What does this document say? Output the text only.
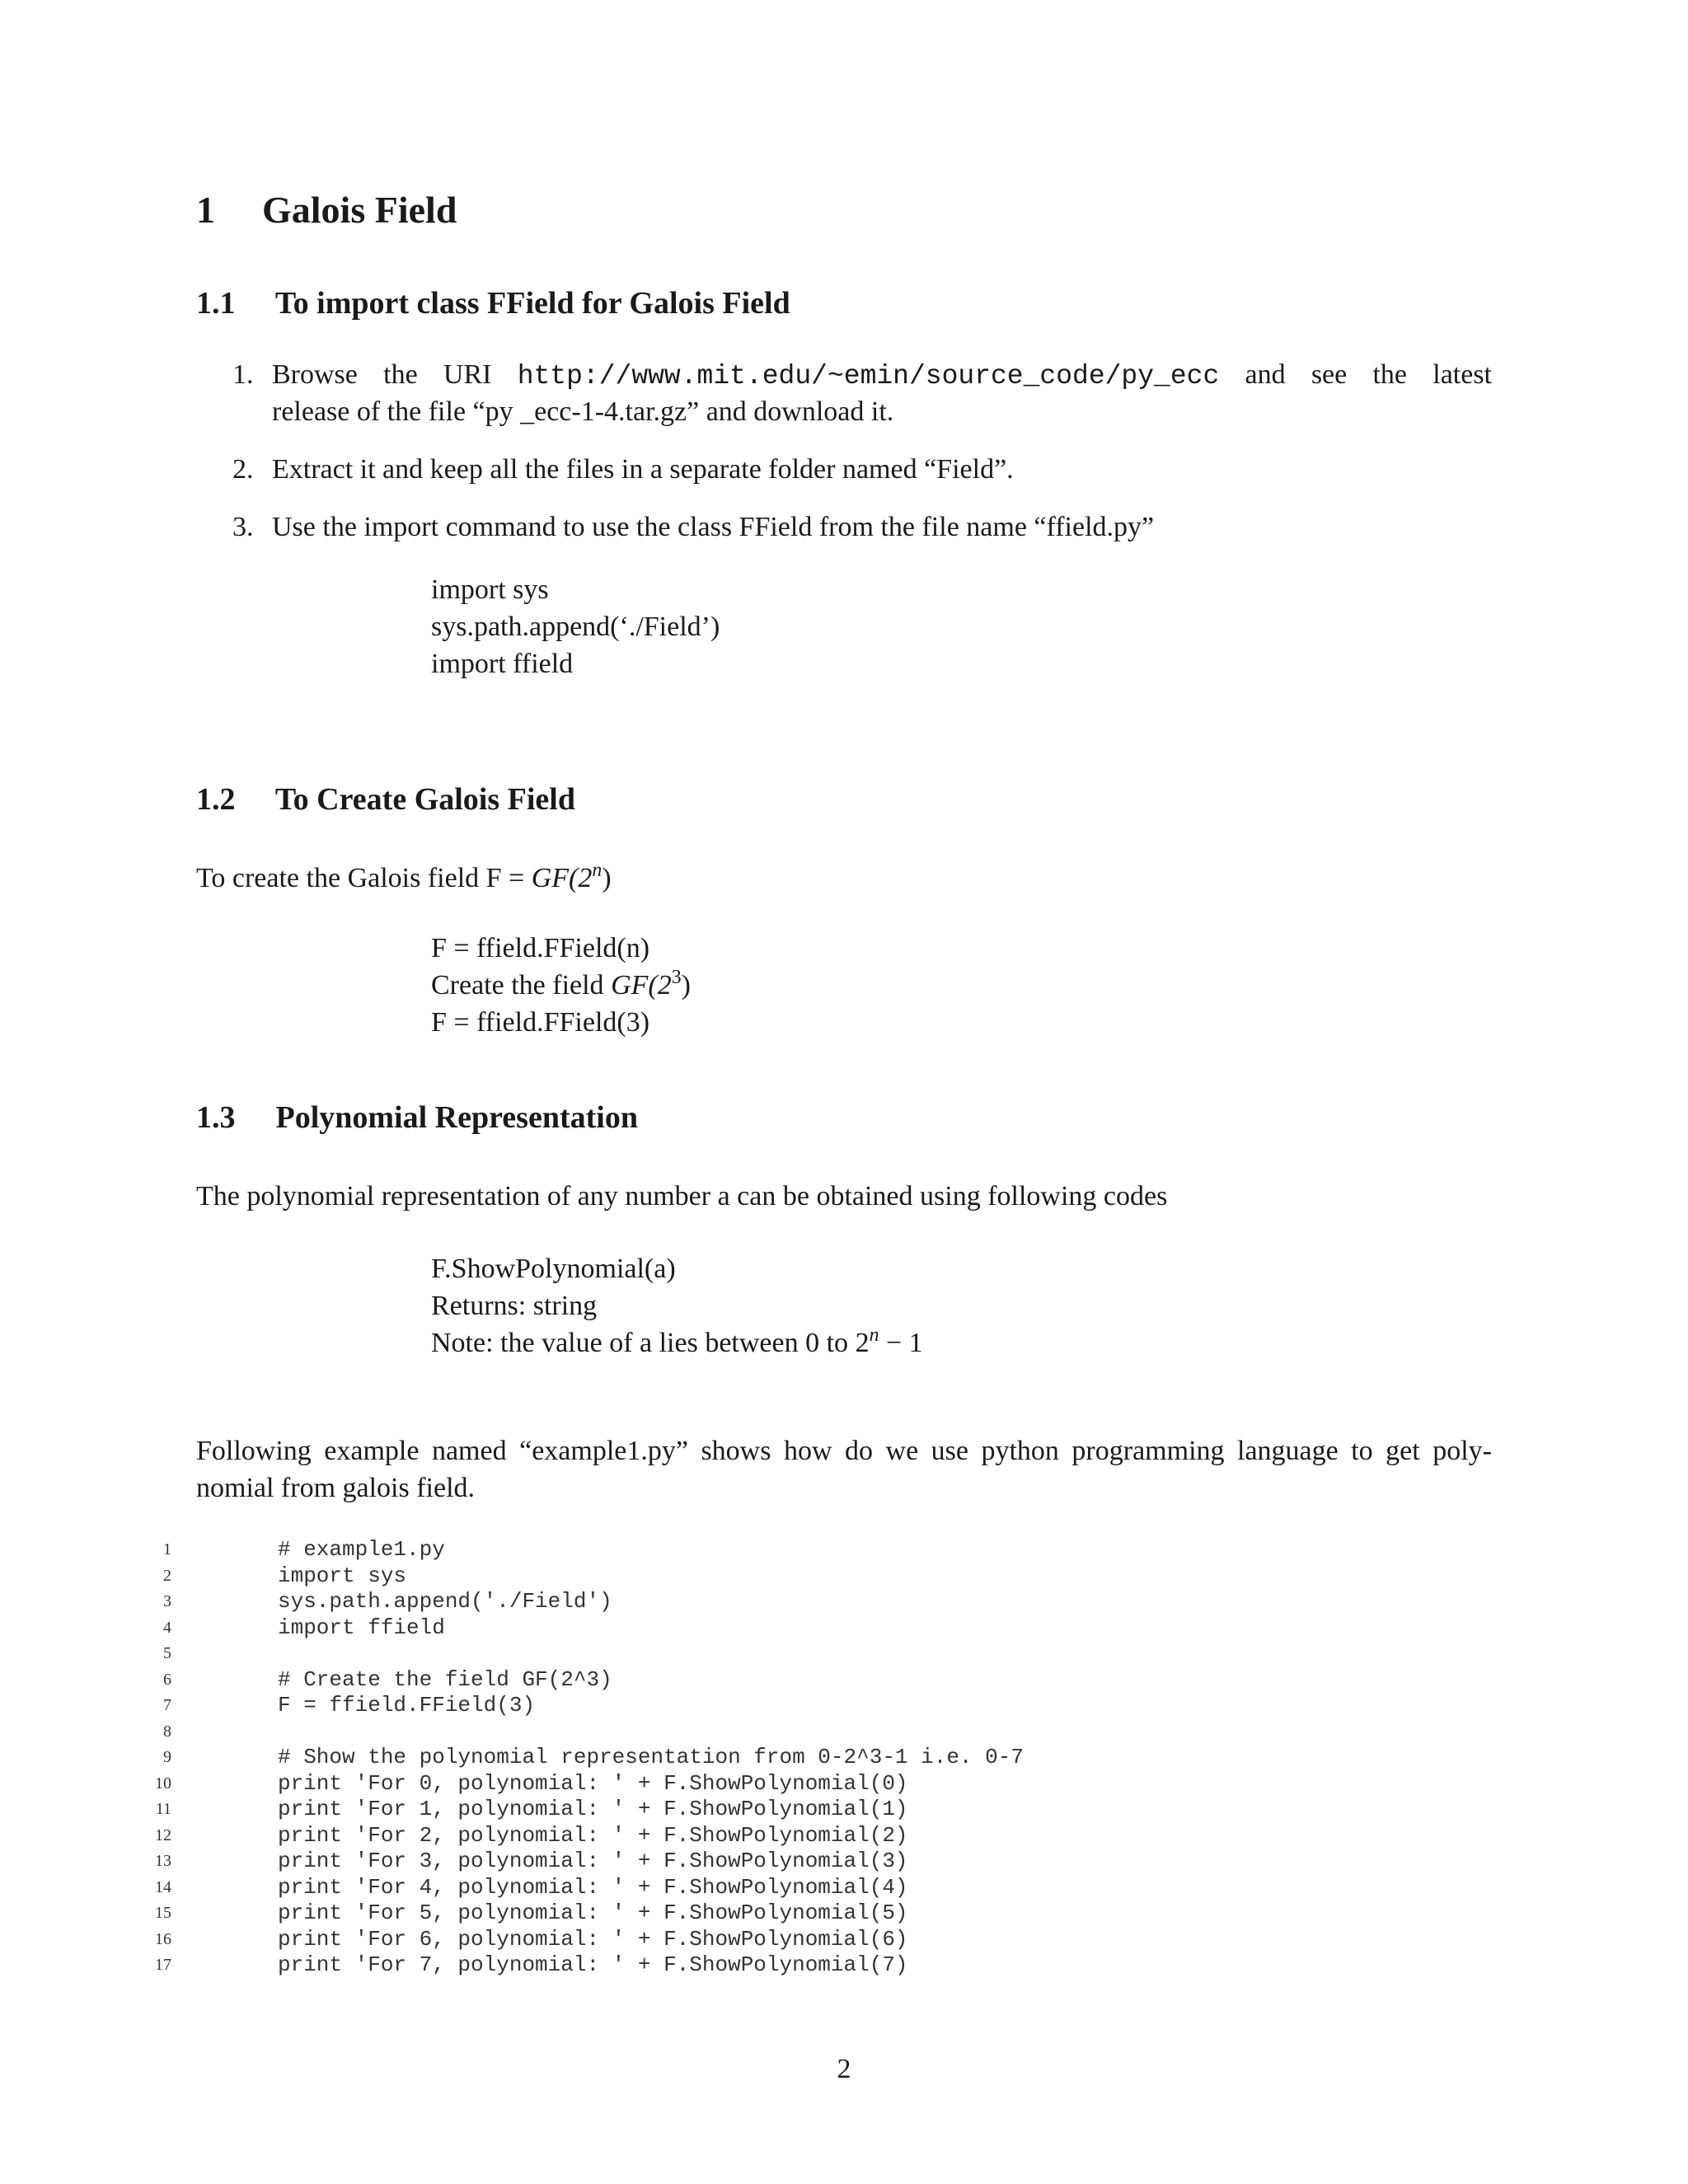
1 Galois Field
1.1 To import class FField for Galois Field
1. Browse the URI http://www.mit.edu/~emin/source_code/py_ecc and see the latest
release of the file “py _ecc-1-4.tar.gz” and download it.
2. Extract it and keep all the files in a separate folder named “Field”.
3. Use the import command to use the class FField from the file name “ffield.py”
import sys
sys.path.append(‘./Field’)
import ffield
1.2 To Create Galois Field
To create the Galois field $F = GF(2^n)$
F = ffield.FField(n)
Create the field $GF(2^3)$
F = ffield.FField(3)
1.3 Polynomial Representation
The polynomial representation of any number a can be obtained using following codes
F.ShowPolynomial(a)
Returns: string
Note: the value of a lies between 0 to $2^n - 1$
Following example named “example1.py” shows how do we use python programming language to get poly-
nomial from galois field.
1
2
3
4
5
6
7
8
9
10
11
12
13
14
15
16
17
# example1.py
import sys
sys.path.append('./Field')
import ffield
# Create the field GF(2^3)
F = ffield.FField(3)
# Show the polynomial representation from 0-2^3-1 i.e. 0-7
print 'For 0, polynomial: ' + F.ShowPolynomial(0)
print 'For 1, polynomial: ' + F.ShowPolynomial(1)
print 'For 2, polynomial: ' + F.ShowPolynomial(2)
print 'For 3, polynomial: ' + F.ShowPolynomial(3)
print 'For 4, polynomial: ' + F.ShowPolynomial(4)
print 'For 5, polynomial: ' + F.ShowPolynomial(5)
print 'For 6, polynomial: ' + F.ShowPolynomial(6)
print 'For 7, polynomial: ' + F.ShowPolynomial(7)
2
